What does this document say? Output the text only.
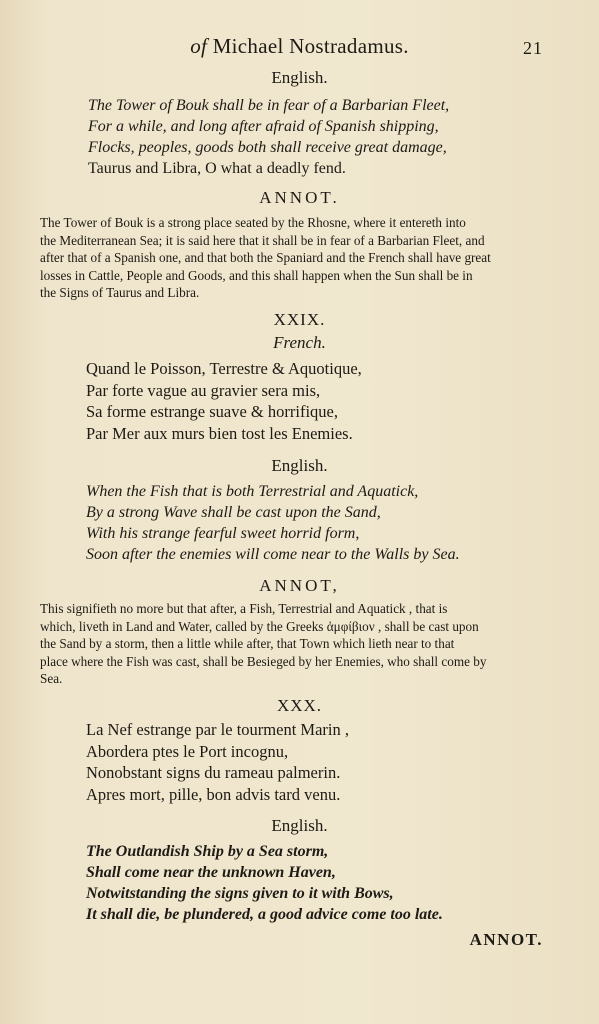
of Michael Nostradamus.	21
English.
The Tower of Bouk shall be in fear of a Barbarian Fleet,
For a while, and long after afraid of Spanish shipping,
Flocks, peoples, goods both shall receive great damage,
Taurus and Libra, O what a deadly fend.
ANNOT.
The Tower of Bouk is a strong place seated by the Rhosne, where it entereth into
the Mediterranean Sea; it is said here that it shall be in fear of a Barbarian Fleet, and
after that of a Spanish one, and that both the Spaniard and the French shall have great
losses in Cattle, People and Goods, and this shall happen when the Sun shall be in
the Signs of Taurus and Libra.
XXIX.
French.
Quand le Poisson, Terrestre & Aquotique,
Par forte vague au gravier sera mis,
Sa forme estrange suave & horrifique,
Par Mer aux murs bien tost les Enemies.
English.
When the Fish that is both Terrestrial and Aquatick,
By a strong Wave shall be cast upon the Sand,
With his strange fearful sweet horrid form,
Soon after the enemies will come near to the Walls by Sea.
ANNOT,
This signifieth no more but that after, a Fish, Terrestrial and Aquatick , that is
which, liveth in Land and Water, called by the Greeks ἀμφίβιον , shall be cast upon
the Sand by a storm, then a little while after, that Town which lieth near to that
place where the Fish was cast, shall be Besieged by her Enemies, who shall come by
Sea.
XXX.
La Nef estrange par le tourment Marin ,
Abordera ptes le Port incognu,
Nonobstant signs du rameau palmerin.
Apres mort, pille, bon advis tard venu.
English.
The Outlandish Ship by a Sea storm,
Shall come near the unknown Haven,
Notwitstanding the signs given to it with Bows,
It shall die, be plundered, a good advice come too late.
ANNOT.
